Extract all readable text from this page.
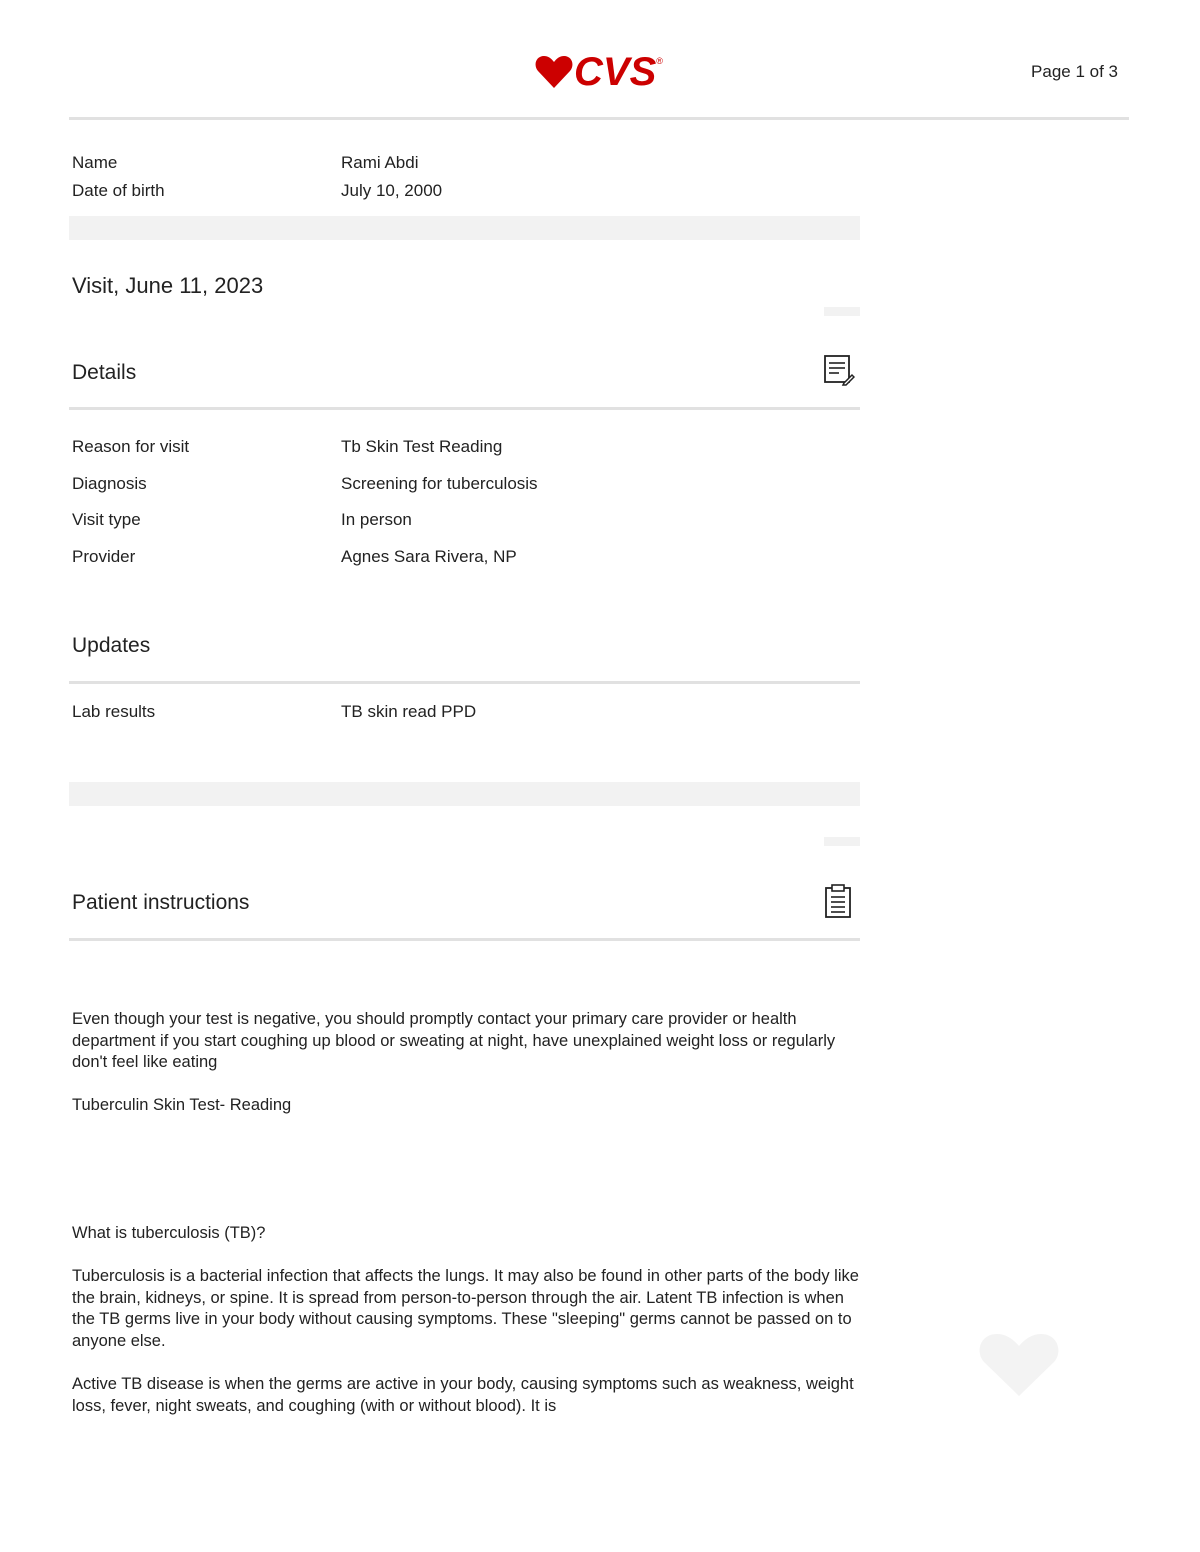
CVS ®
Page 1 of 3
Name	Rami Abdi
Date of birth	July 10, 2000
Visit, June 11, 2023
Details
Reason for visit	Tb Skin Test Reading
Diagnosis	Screening for tuberculosis
Visit type	In person
Provider	Agnes Sara Rivera, NP
Updates
Lab results	TB skin read PPD
Patient instructions

Even though your test is negative, you should promptly contact your primary care provider or health department if you start coughing up blood or sweating at night, have unexplained weight loss or regularly don't feel like eating

Tuberculin Skin Test- Reading

What is tuberculosis (TB)?

Tuberculosis is a bacterial infection that affects the lungs. It may also be found in other parts of the body like the brain, kidneys, or spine. It is spread from person-to-person through the air. Latent TB infection is when the TB germs live in your body without causing symptoms. These "sleeping" germs cannot be passed on to anyone else.

Active TB disease is when the germs are active in your body, causing symptoms such as weakness, weight loss, fever, night sweats, and coughing (with or without blood). It is
